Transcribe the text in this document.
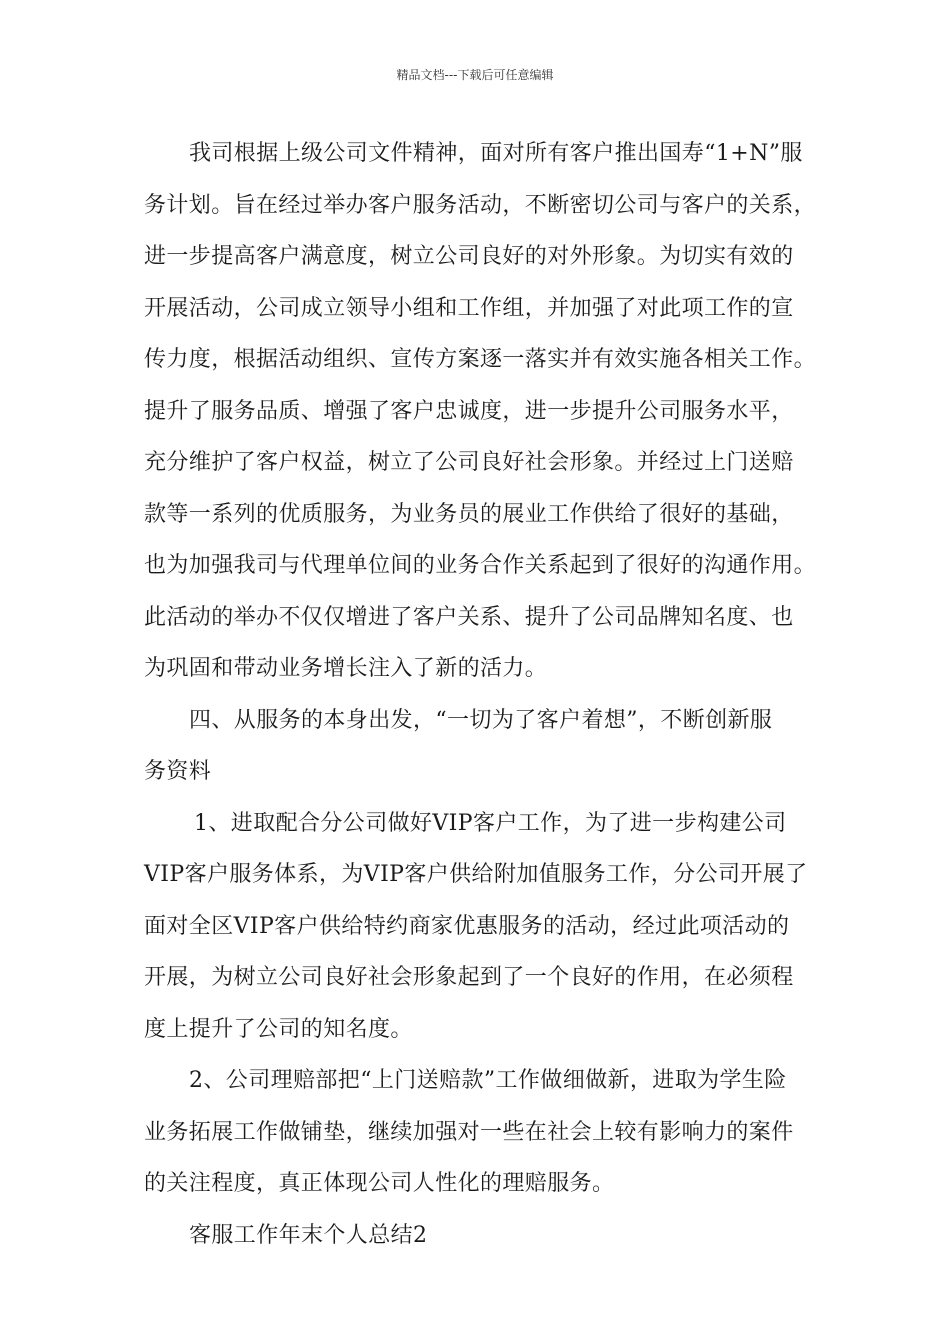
精品文档---下载后可任意编辑
我司根据上级公司文件精神，面对所有客户推出国寿“1+N”服
务计划。旨在经过举办客户服务活动，不断密切公司与客户的关系，
进一步提高客户满意度，树立公司良好的对外形象。为切实有效的
开展活动，公司成立领导小组和工作组，并加强了对此项工作的宣
传力度，根据活动组织、宣传方案逐一落实并有效实施各相关工作。
提升了服务品质、增强了客户忠诚度，进一步提升公司服务水平，
充分维护了客户权益，树立了公司良好社会形象。并经过上门送赔
款等一系列的优质服务，为业务员的展业工作供给了很好的基础，
也为加强我司与代理单位间的业务合作关系起到了很好的沟通作用。
此活动的举办不仅仅增进了客户关系、提升了公司品牌知名度、也
为巩固和带动业务增长注入了新的活力。
四、从服务的本身出发，“一切为了客户着想”，不断创新服
务资料
1、进取配合分公司做好VIP客户工作，为了进一步构建公司
VIP客户服务体系，为VIP客户供给附加值服务工作，分公司开展了
面对全区VIP客户供给特约商家优惠服务的活动，经过此项活动的
开展，为树立公司良好社会形象起到了一个良好的作用，在必须程
度上提升了公司的知名度。
2、公司理赔部把“上门送赔款”工作做细做新，进取为学生险
业务拓展工作做铺垫，继续加强对一些在社会上较有影响力的案件
的关注程度，真正体现公司人性化的理赔服务。
客服工作年末个人总结2
